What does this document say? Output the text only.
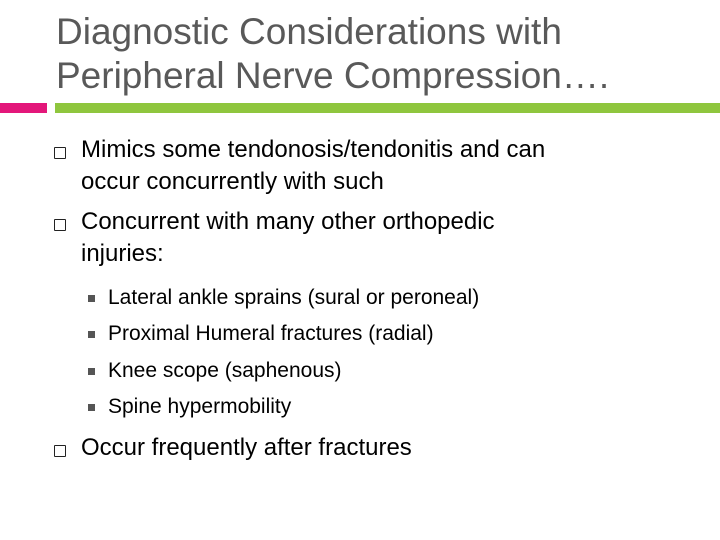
Diagnostic Considerations with
Peripheral Nerve Compression….
Mimics some tendonosis/tendonitis and can
occur concurrently with such
Concurrent with many other orthopedic
injuries:
Lateral ankle sprains (sural or peroneal)
Proximal Humeral fractures (radial)
Knee scope (saphenous)
Spine hypermobility
Occur frequently after fractures
